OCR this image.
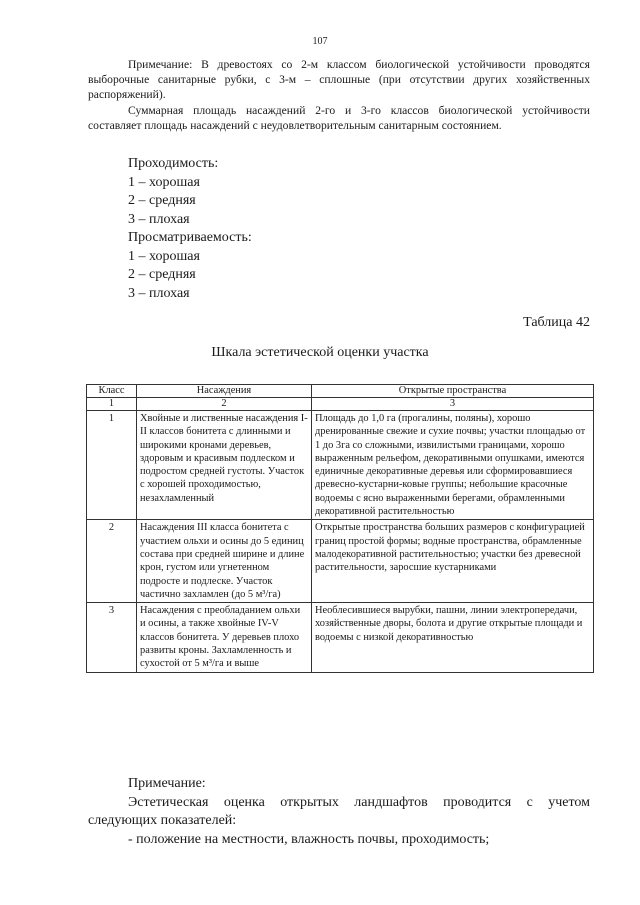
107

Примечание: В древостоях со 2-м классом биологической устойчивости проводятся выборочные санитарные рубки, с 3-м – сплошные (при отсутствии других хозяйственных распоряжений).

Суммарная площадь насаждений 2-го и 3-го классов биологической устойчивости составляет площадь насаждений с неудовлетворительным санитарным состоянием.

Проходимость:
1 – хорошая
2 – средняя
3 – плохая
Просматриваемость:
1 – хорошая
2 – средняя
3 – плохая
Таблица 42
Шкала эстетической оценки участка
Класс	Насаждения	Открытые пространства
1	2	3
1	Хвойные и лиственные насаждения I-II классов бонитета с длинными и широкими кронами деревьев, здоровым и красивым подлеском и подростом средней густоты. Участок с хорошей проходимостью, незахламленный	Площадь до 1,0 га (прогалины, поляны), хорошо дренированные свежие и сухие почвы; участки площадью от 1 до 3га со сложными, извилистыми границами, хорошо выраженным рельефом, декоративными опушками, имеются единичные декоративные деревья или сформировавшиеся древесно-кустарни-ковые группы; небольшие красочные водоемы с ясно выраженными берегами, обрамленными декоративной растительностью
2	Насаждения III класса бонитета с участием ольхи и осины до 5 единиц состава при средней ширине и длине крон, густом или угнетенном подросте и подлеске. Участок частично захламлен (до 5 м³/га)	Открытые пространства больших размеров с конфигурацией границ простой формы; водные пространства, обрамленные малодекоративной растительностью; участки без древесной растительности, заросшие кустарниками
3	Насаждения с преобладанием ольхи и осины, а также хвойные IV-V классов бонитета. У деревьев плохо развиты кроны. Захламленность и сухостой от 5 м³/га и выше	Необлесившиеся вырубки, пашни, линии электропередачи, хозяйственные дворы, болота и другие открытые площади и водоемы с низкой декоративностью

Примечание:

Эстетическая оценка открытых ландшафтов проводится с учетом следующих показателей:

- положение на местности, влажность почвы, проходимость;
